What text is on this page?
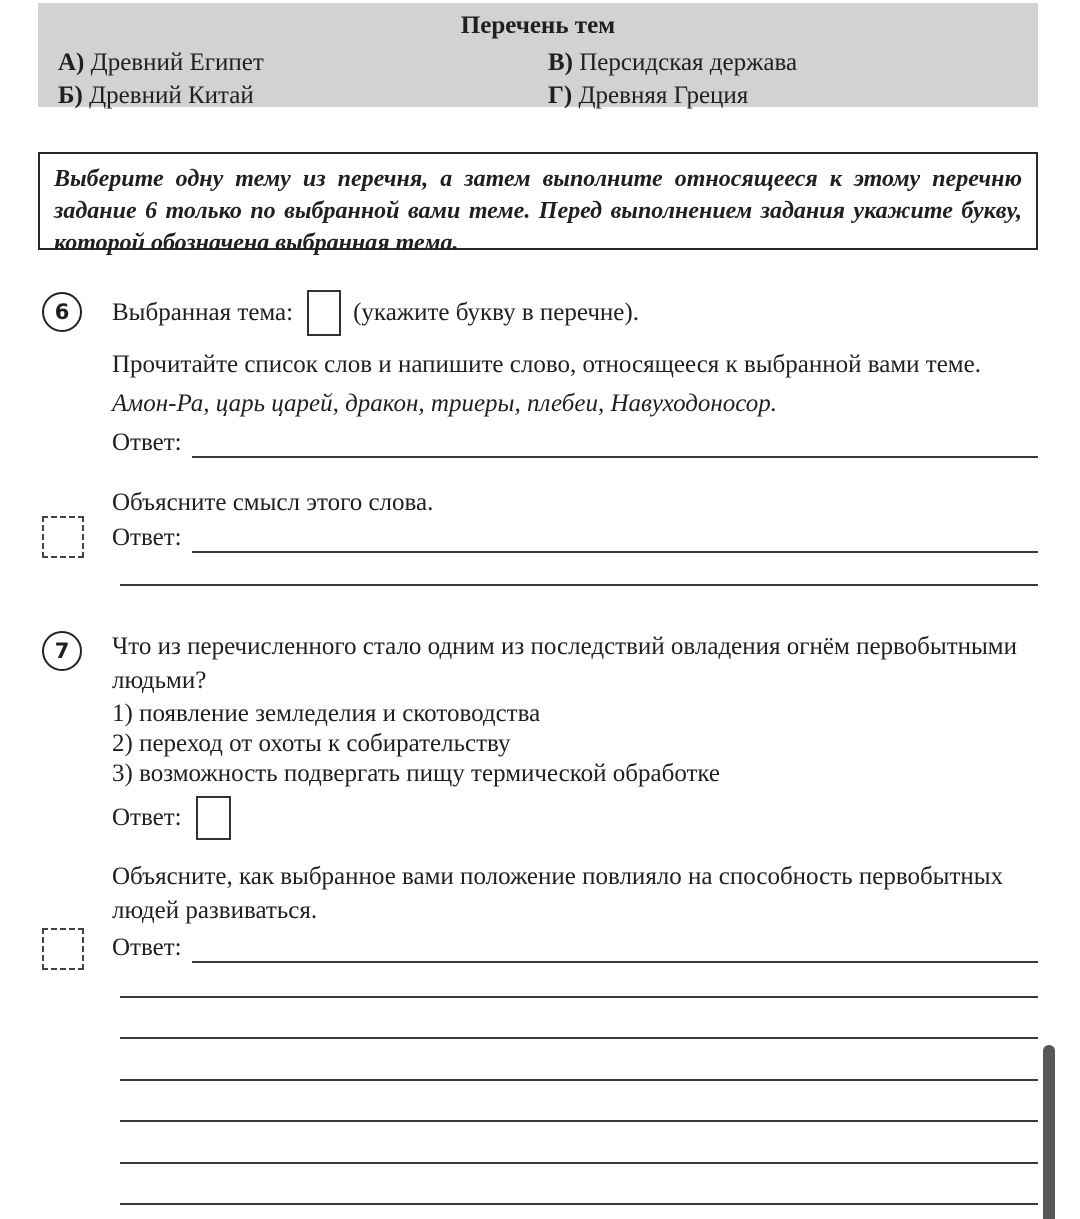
Перечень тем
А) Древний Египет	В) Персидская держава
Б) Древний Китай	Г) Древняя Греция
Выберите одну тему из перечня, а затем выполните относящееся к этому перечню задание 6 только по выбранной вами теме. Перед выполнением задания укажите букву, которой обозначена выбранная тема.
6 Выбранная тема: (укажите букву в перечне).
Прочитайте список слов и напишите слово, относящееся к выбранной вами теме.
Амон-Ра, царь царей, дракон, триеры, плебеи, Навуходоносор.
Ответ:
Объясните смысл этого слова.
Ответ:
7 Что из перечисленного стало одним из последствий овладения огнём первобытными людьми?
1) появление земледелия и скотоводства
2) переход от охоты к собирательству
3) возможность подвергать пищу термической обработке
Ответ:
Объясните, как выбранное вами положение повлияло на способность первобытных людей развиваться.
Ответ:
